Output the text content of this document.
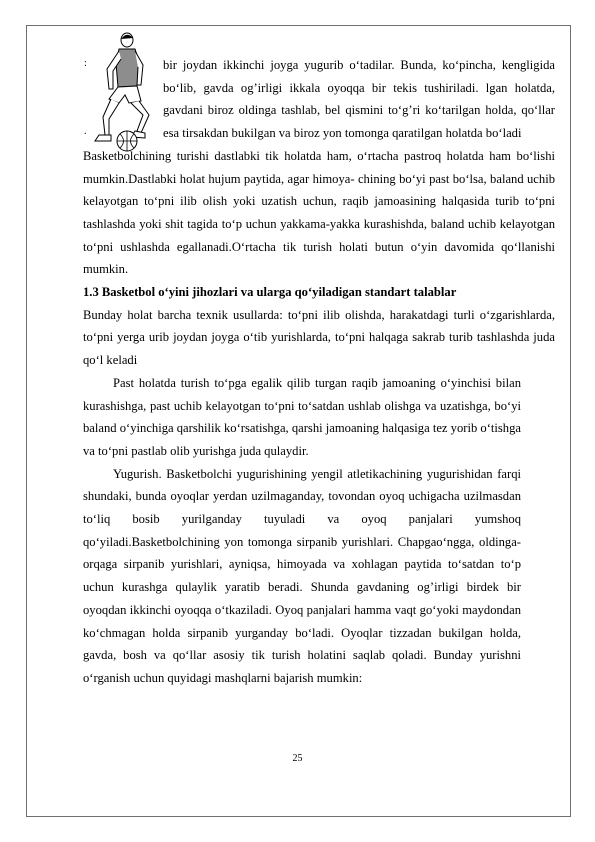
:
.

bir joydan ikkinchi joyga yugurib o‘tadilar. Bunda, ko‘pincha, kengligida bo‘lib, gavda og’irligi ikkala oyoqqa bir tekis tushiriladi. lgan holatda, gavdani biroz oldinga tashlab, bel qismini to‘g’ri ko‘tarilgan holda, qo‘llar esa tirsakdan bukilgan va biroz yon tomonga qaratilgan holatda bo‘ladi

Basketbolchining turishi dastlabki tik holatda ham, o‘rtacha pastroq holatda ham bo‘lishi mumkin.Dastlabki holat hujum paytida, agar himoya- chining bo‘yi past bo‘lsa, baland uchib kelayotgan to‘pni ilib olish yoki uzatish uchun, raqib jamoasining halqasida turib to‘pni tashlashda yoki shit tagida to‘p uchun yakkama-yakka kurashishda, baland uchib kelayotgan to‘pni ushlashda egallanadi.O‘rtacha tik turish holati butun o‘yin davomida qo‘llanishi mumkin.

1.3 Basketbol o‘yini jihozlari va ularga qo‘yiladigan standart talablar

Bunday holat barcha texnik usullarda: to‘pni ilib olishda, harakatdagi turli o‘zgarishlarda, to‘pni yerga urib joydan joyga o‘tib yurishlarda, to‘pni halqaga sakrab turib tashlashda juda qo‘l keladi

Past holatda turish to‘pga egalik qilib turgan raqib jamoaning o‘yinchisi bilan kurashishga, past uchib kelayotgan to‘pni to‘satdan ushlab olishga va uzatishga, bo‘yi baland o‘yinchiga qarshilik ko‘rsatishga, qarshi jamoaning halqasiga tez yorib o‘tishga va to‘pni pastlab olib yurishga juda qulaydir.

Yugurish. Basketbolchi yugurishining yengil atletikachining yugurishidan farqi shundaki, bunda oyoqlar yerdan uzilmaganday, tovondan oyoq uchigacha uzilmasdan to‘liq bosib yurilganday tuyuladi va oyoq panjalari yumshoq qo‘yiladi.Basketbolchining yon tomonga sirpanib yurishlari. Chapgao‘ngga, oldinga-orqaga sirpanib yurishlari, ayniqsa, himoyada va xohlagan paytida to‘satdan to‘p uchun kurashga qulaylik yaratib beradi. Shunda gavdaning og’irligi birdek bir oyoqdan ikkinchi oyoqqa o‘tkaziladi. Oyoq panjalari hamma vaqt go‘yoki maydondan ko‘chmagan holda sirpanib yurganday bo‘ladi. Oyoqlar tizzadan bukilgan holda, gavda, bosh va qo‘llar asosiy tik turish holatini saqlab qoladi. Bunday yurishni o‘rganish uchun quyidagi mashqlarni bajarish mumkin:

25
